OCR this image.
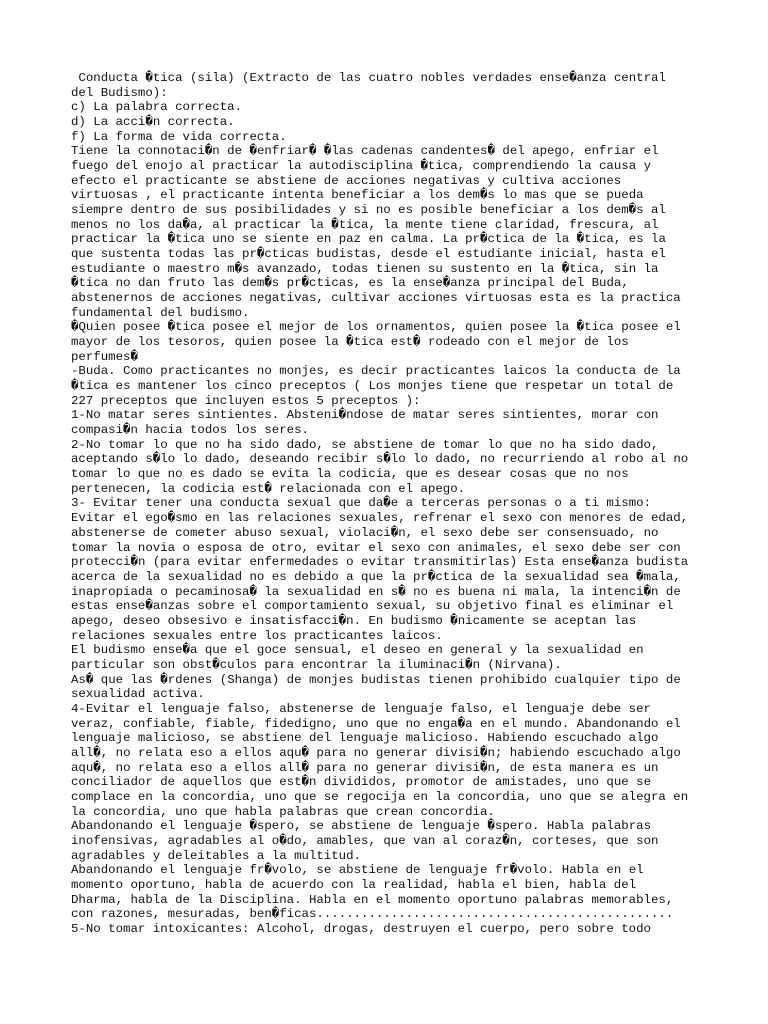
Conducta �tica (sila) (Extracto de las cuatro nobles verdades ense�anza central
del Budismo):
c) La palabra correcta.
d) La acci�n correcta.
f) La forma de vida correcta.
Tiene la connotaci�n de �enfriar� �las cadenas candentes� del apego, enfriar el
fuego del enojo al practicar la autodisciplina �tica, comprendiendo la causa y
efecto el practicante se abstiene de acciones negativas y cultiva acciones
virtuosas , el practicante intenta beneficiar a los dem�s lo mas que se pueda
siempre dentro de sus posibilidades y si no es posible beneficiar a los dem�s al
menos no los da�a, al practicar la �tica, la mente tiene claridad, frescura, al
practicar la �tica uno se siente en paz en calma. La pr�ctica de la �tica, es la
que sustenta todas las pr�cticas budistas, desde el estudiante inicial, hasta el
estudiante o maestro m�s avanzado, todas tienen su sustento en la �tica, sin la
�tica no dan fruto las dem�s pr�cticas, es la ense�anza principal del Buda,
abstenernos de acciones negativas, cultivar acciones virtuosas esta es la practica
fundamental del budismo.
�Quien posee �tica posee el mejor de los ornamentos, quien posee la �tica posee el
mayor de los tesoros, quien posee la �tica est� rodeado con el mejor de los
perfumes�
-Buda. Como practicantes no monjes, es decir practicantes laicos la conducta de la
�tica es mantener los cinco preceptos ( Los monjes tiene que respetar un total de
227 preceptos que incluyen estos 5 preceptos ):
1-No matar seres sintientes. Absteni�ndose de matar seres sintientes, morar con
compasi�n hacia todos los seres.
2-No tomar lo que no ha sido dado, se abstiene de tomar lo que no ha sido dado,
aceptando s�lo lo dado, deseando recibir s�lo lo dado, no recurriendo al robo al no
tomar lo que no es dado se evita la codicia, que es desear cosas que no nos
pertenecen, la codicia est� relacionada con el apego.
3- Evitar tener una conducta sexual que da�e a terceras personas o a ti mismo:
Evitar el ego�smo en las relaciones sexuales, refrenar el sexo con menores de edad,
abstenerse de cometer abuso sexual, violaci�n, el sexo debe ser consensuado, no
tomar la novia o esposa de otro, evitar el sexo con animales, el sexo debe ser con
protecci�n (para evitar enfermedades o evitar transmitirlas) Esta ense�anza budista
acerca de la sexualidad no es debido a que la pr�ctica de la sexualidad sea �mala,
inapropiada o pecaminosa� la sexualidad en s� no es buena ni mala, la intenci�n de
estas ense�anzas sobre el comportamiento sexual, su objetivo final es eliminar el
apego, deseo obsesivo e insatisfacci�n. En budismo �nicamente se aceptan las
relaciones sexuales entre los practicantes laicos.
El budismo ense�a que el goce sensual, el deseo en general y la sexualidad en
particular son obst�culos para encontrar la iluminaci�n (Nirvana).
As� que las �rdenes (Shanga) de monjes budistas tienen prohibido cualquier tipo de
sexualidad activa.
4-Evitar el lenguaje falso, abstenerse de lenguaje falso, el lenguaje debe ser
veraz, confiable, fiable, fidedigno, uno que no enga�a en el mundo. Abandonando el
lenguaje malicioso, se abstiene del lenguaje malicioso. Habiendo escuchado algo
all�, no relata eso a ellos aqu� para no generar divisi�n; habiendo escuchado algo
aqu�, no relata eso a ellos all� para no generar divisi�n, de esta manera es un
conciliador de aquellos que est�n divididos, promotor de amistades, uno que se
complace en la concordia, uno que se regocija en la concordia, uno que se alegra en
la concordia, uno que habla palabras que crean concordia.
Abandonando el lenguaje �spero, se abstiene de lenguaje �spero. Habla palabras
inofensivas, agradables al o�do, amables, que van al coraz�n, corteses, que son
agradables y deleitables a la multitud.
Abandonando el lenguaje fr�volo, se abstiene de lenguaje fr�volo. Habla en el
momento oportuno, habla de acuerdo con la realidad, habla el bien, habla del
Dharma, habla de la Disciplina. Habla en el momento oportuno palabras memorables,
con razones, mesuradas, ben�ficas................................................
5-No tomar intoxicantes: Alcohol, drogas, destruyen el cuerpo, pero sobre todo
